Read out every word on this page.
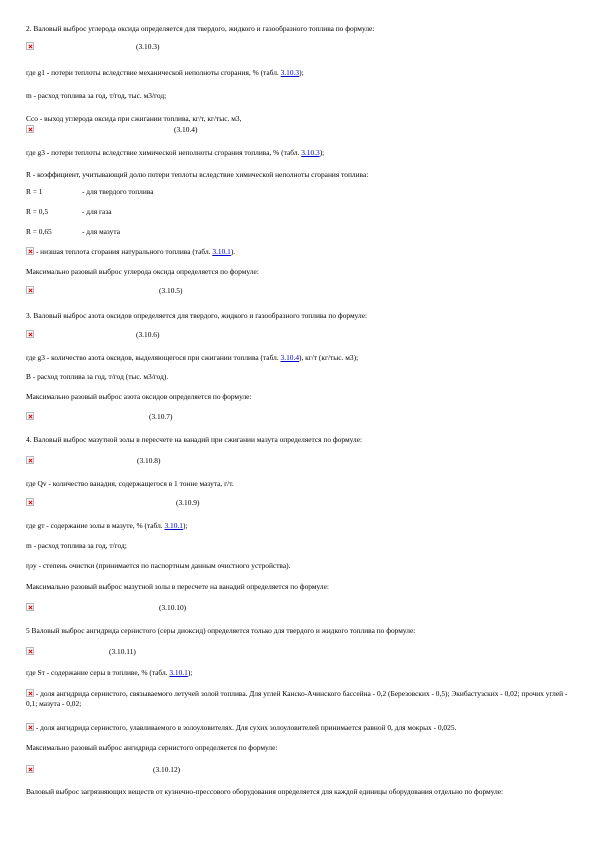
2. Валовый выброс углерода оксида определяется для твердого, жидкого и газообразного топлива по формуле:
(3.10.3)
где g1 - потери теплоты вследствие механической неполноты сгорания, % (табл. 3.10.3);
m - расход топлива за год, т/год, тыс. м3/год;
Ссо - выход углерода оксида при сжигании топлива, кг/т, кг/тыс. м3,
(3.10.4)
где g3 - потери теплоты вследствие химической неполноты сгорания топлива, % (табл. 3.10.3);
R - коэффициент, учитывающий долю потери теплоты вследствие химической неполноты сгорания топлива:
R = 1	- для твердого топлива
R = 0,5	- для газа
R = 0,65	- для мазута
- низшая теплота сгорания натурального топлива (табл. 3.10.1).
Максимально разовый выброс углерода оксида определяется по формуле:
(3.10.5)
3. Валовый выброс азота оксидов определяется для твердого, жидкого и газообразного топлива по формуле:
(3.10.6)
где g3 - количество азота оксидов, выделяющегося при сжигании топлива (табл. 3.10.4), кг/т (кг/тыс. м3);
В - расход топлива за год, т/год (тыс. м3/год).
Максимально разовый выброс азота оксидов определяется по формуле:
(3.10.7)
4. Валовый выброс мазутной золы в пересчете на ванадий при сжигании мазута определяется по формуле:
(3.10.8)
где Qv - количество ванадия, содержащегося в 1 тонне мазута, г/т.
(3.10.9)
где gт - содержание золы в мазуте, % (табл. 3.10.1);
m - расход топлива за год, т/год;
ηэу - степень очистки (принимается по паспортным данным очистного устройства).
Максимально разовый выброс мазутной золы в пересчете на ванадий определяется по формуле:
(3.10.10)
5 Валовый выброс ангидрида сернистого (серы диоксид) определяется только для твердого и жидкого топлива по формуле:
(3.10.11)
где Sт - содержание серы в топливе, % (табл. 3.10.1);
- доля ангидрида сернистого, связываемого летучей золой топлива. Для углей Канско-Ачинского бассейна - 0,2 (Березовских - 0,5); Экибастузских - 0,02; прочих углей - 0,1; мазута - 0,02;
- доля ангидрида сернистого, улавливаемого в золоуловителях. Для сухих золоуловителей принимается равной 0, для мокрых - 0,025.
Максимально разовый выброс ангидрида сернистого определяется по формуле:
(3.10.12)
Валовый выброс загрязняющих веществ от кузнечно-прессового оборудования определяется для каждой единицы оборудования отдельно по формуле:
